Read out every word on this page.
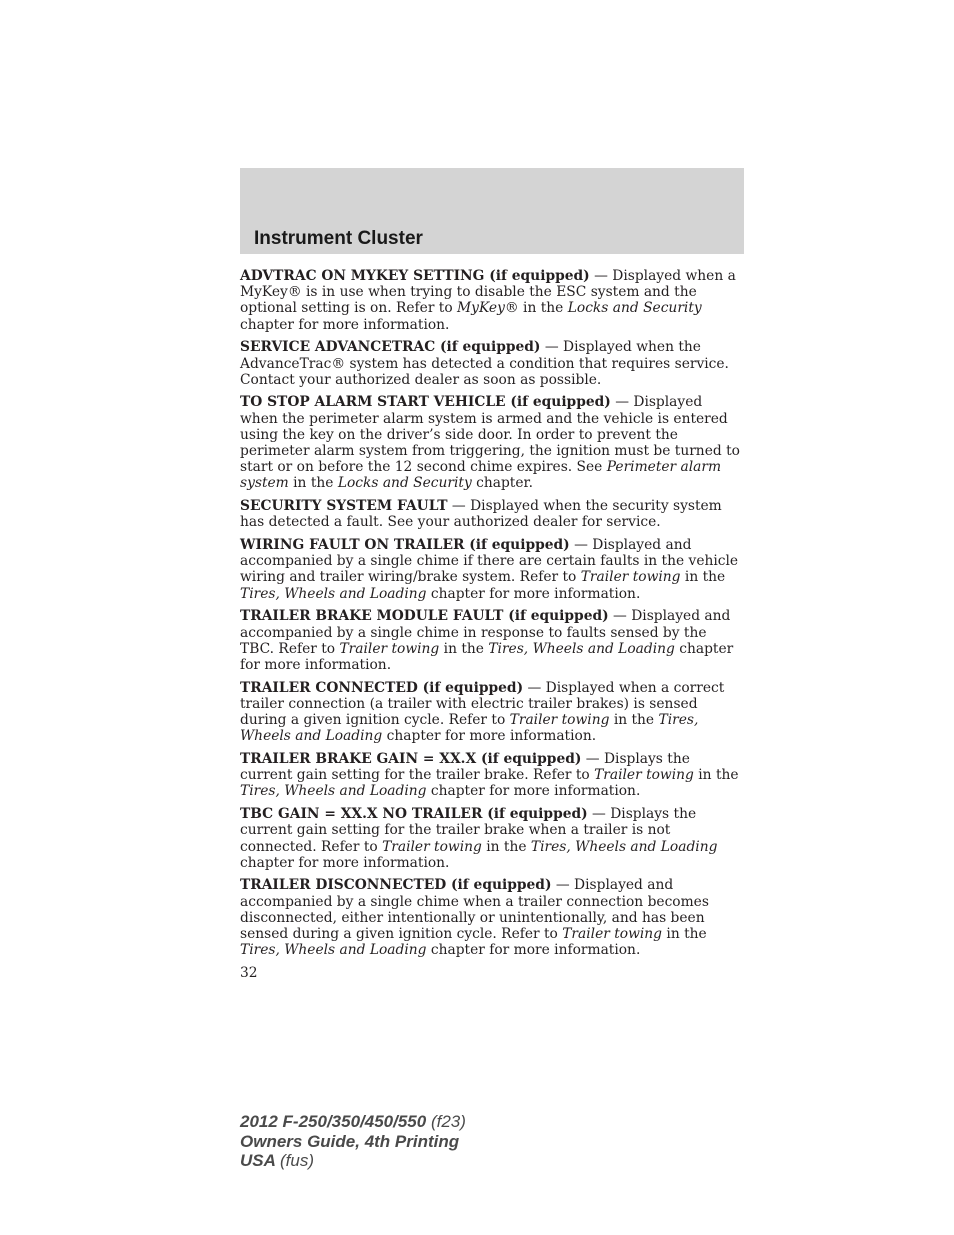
Instrument Cluster

ADVTRAC ON MYKEY SETTING (if equipped) — Displayed when a MyKey® is in use when trying to disable the ESC system and the optional setting is on. Refer to MyKey® in the Locks and Security chapter for more information.

SERVICE ADVANCETRAC (if equipped) — Displayed when the AdvanceTrac® system has detected a condition that requires service. Contact your authorized dealer as soon as possible.

TO STOP ALARM START VEHICLE (if equipped) — Displayed when the perimeter alarm system is armed and the vehicle is entered using the key on the driver’s side door. In order to prevent the perimeter alarm system from triggering, the ignition must be turned to start or on before the 12 second chime expires. See Perimeter alarm system in the Locks and Security chapter.

SECURITY SYSTEM FAULT — Displayed when the security system has detected a fault. See your authorized dealer for service.

WIRING FAULT ON TRAILER (if equipped) — Displayed and accompanied by a single chime if there are certain faults in the vehicle wiring and trailer wiring/brake system. Refer to Trailer towing in the Tires, Wheels and Loading chapter for more information.

TRAILER BRAKE MODULE FAULT (if equipped) — Displayed and accompanied by a single chime in response to faults sensed by the TBC. Refer to Trailer towing in the Tires, Wheels and Loading chapter for more information.

TRAILER CONNECTED (if equipped) — Displayed when a correct trailer connection (a trailer with electric trailer brakes) is sensed during a given ignition cycle. Refer to Trailer towing in the Tires, Wheels and Loading chapter for more information.

TRAILER BRAKE GAIN = XX.X (if equipped) — Displays the current gain setting for the trailer brake. Refer to Trailer towing in the Tires, Wheels and Loading chapter for more information.

TBC GAIN = XX.X NO TRAILER (if equipped) — Displays the current gain setting for the trailer brake when a trailer is not connected. Refer to Trailer towing in the Tires, Wheels and Loading chapter for more information.

TRAILER DISCONNECTED (if equipped) — Displayed and accompanied by a single chime when a trailer connection becomes disconnected, either intentionally or unintentionally, and has been sensed during a given ignition cycle. Refer to Trailer towing in the Tires, Wheels and Loading chapter for more information.

32

2012 F-250/350/450/550 (f23)
Owners Guide, 4th Printing
USA (fus)
